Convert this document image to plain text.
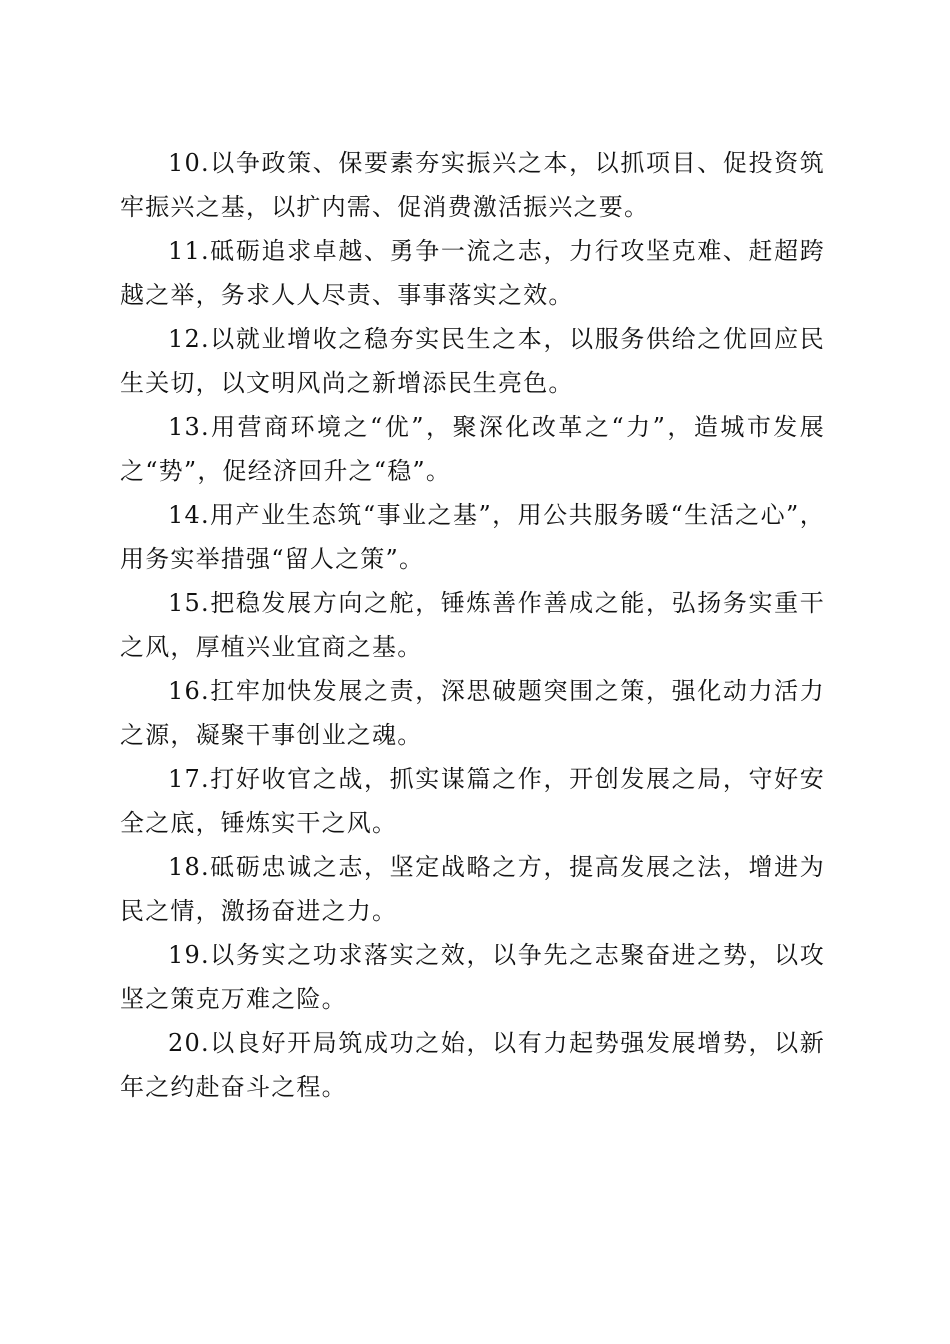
10.以争政策、保要素夯实振兴之本，以抓项目、促投资筑牢振兴之基，以扩内需、促消费激活振兴之要。

11.砥砺追求卓越、勇争一流之志，力行攻坚克难、赶超跨越之举，务求人人尽责、事事落实之效。

12.以就业增收之稳夯实民生之本，以服务供给之优回应民生关切，以文明风尚之新增添民生亮色。

13.用营商环境之“优”，聚深化改革之“力”，造城市发展之“势”，促经济回升之“稳”。

14.用产业生态筑“事业之基”，用公共服务暖“生活之心”，用务实举措强“留人之策”。

15.把稳发展方向之舵，锤炼善作善成之能，弘扬务实重干之风，厚植兴业宜商之基。

16.扛牢加快发展之责，深思破题突围之策，强化动力活力之源，凝聚干事创业之魂。

17.打好收官之战，抓实谋篇之作，开创发展之局，守好安全之底，锤炼实干之风。

18.砥砺忠诚之志，坚定战略之方，提高发展之法，增进为民之情，激扬奋进之力。

19.以务实之功求落实之效，以争先之志聚奋进之势，以攻坚之策克万难之险。

20.以良好开局筑成功之始，以有力起势强发展增势，以新年之约赴奋斗之程。
